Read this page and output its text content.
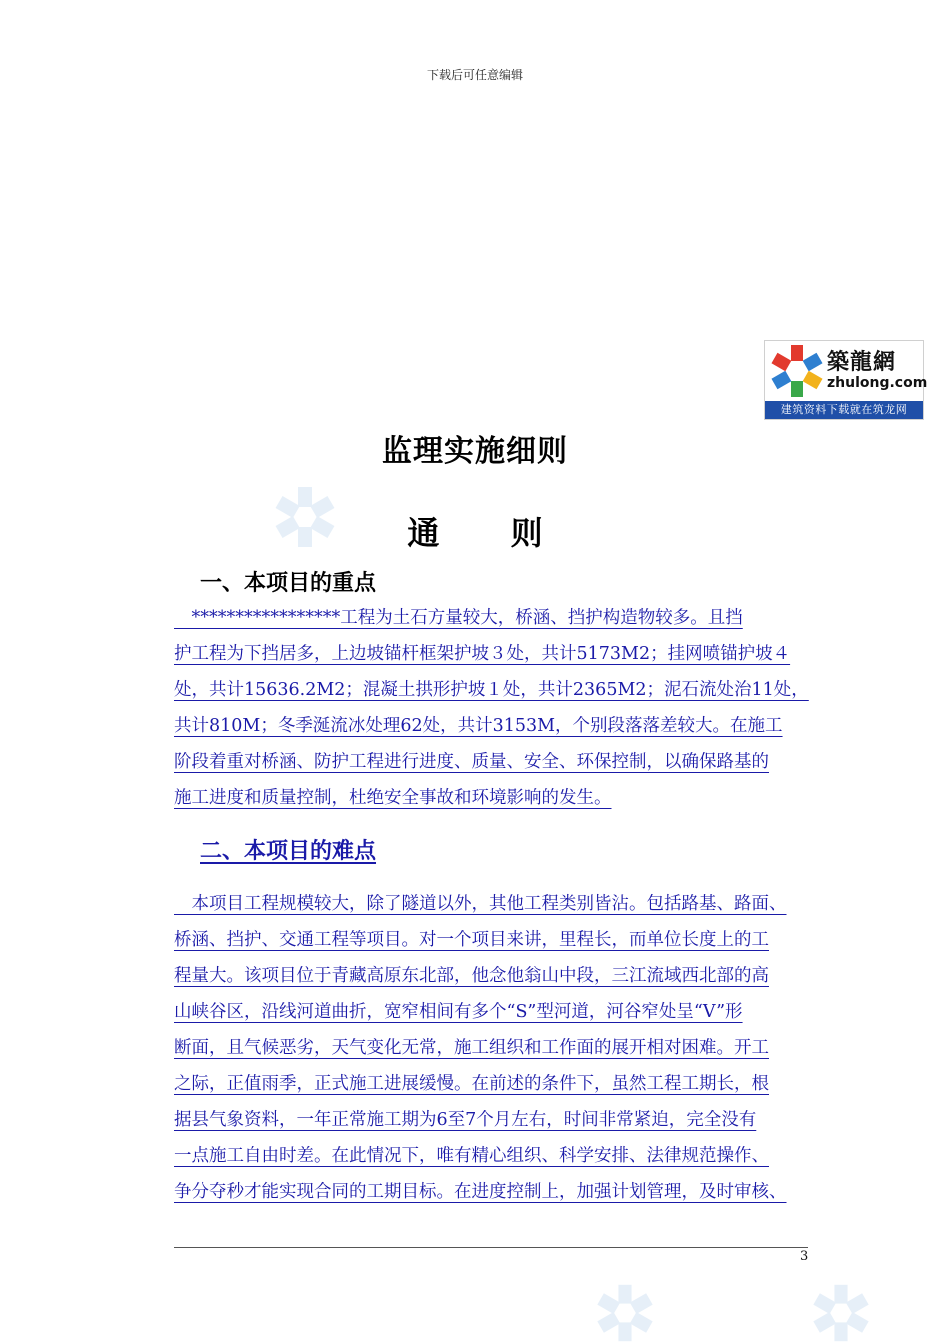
下载后可任意编辑
築龍網
zhulong.com
建筑资料下载就在筑龙网
监理实施细则
通 则
一、本项目的重点
　*****************工程为土石方量较大，桥涵、挡护构造物较多。且挡
护工程为下挡居多，上边坡锚杆框架护坡３处，共计5173M2；挂网喷锚护坡４
处，共计15636.2M2；混凝土拱形护坡１处，共计2365M2；泥石流处治11处，
共计810M；冬季涎流冰处理62处，共计3153M，个别段落落差较大。在施工
阶段着重对桥涵、防护工程进行进度、质量、安全、环保控制，以确保路基的
施工进度和质量控制，杜绝安全事故和环境影响的发生。
二、本项目的难点
　本项目工程规模较大，除了隧道以外，其他工程类别皆沾。包括路基、路面、
桥涵、挡护、交通工程等项目。对一个项目来讲，里程长，而单位长度上的工
程量大。该项目位于青藏高原东北部，他念他翁山中段，三江流域西北部的高
山峡谷区，沿线河道曲折，宽窄相间有多个“S”型河道，河谷窄处呈“V”形
断面，且气候恶劣，天气变化无常，施工组织和工作面的展开相对困难。开工
之际，正值雨季，正式施工进展缓慢。在前述的条件下，虽然工程工期长，根
据县气象资料，一年正常施工期为6至7个月左右，时间非常紧迫，完全没有
一点施工自由时差。在此情况下，唯有精心组织、科学安排、法律规范操作、
争分夺秒才能实现合同的工期目标。在进度控制上，加强计划管理，及时审核、
3
